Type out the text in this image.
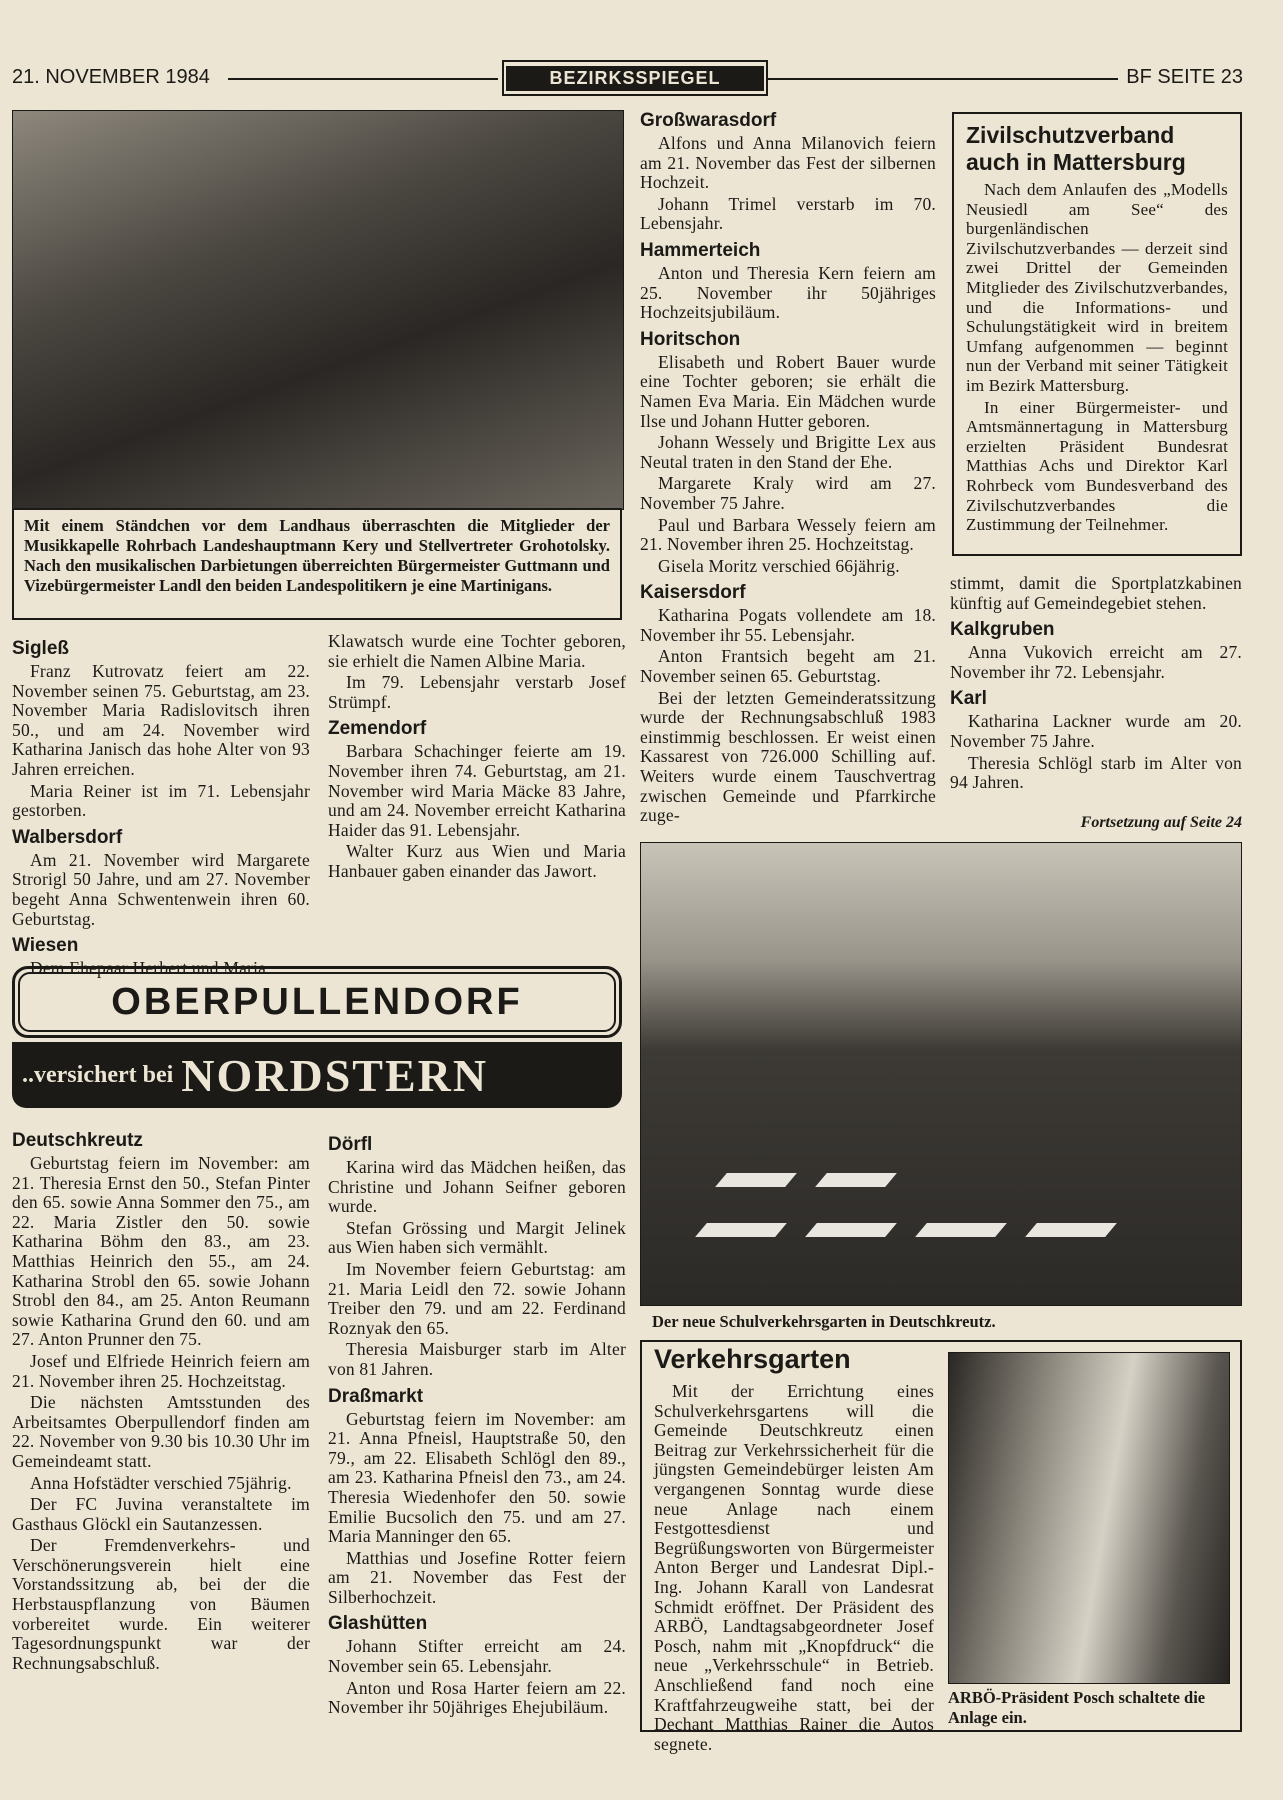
21. NOVEMBER 1984	BEZIRKSSPIEGEL	BF SEITE 23
Mit einem Ständchen vor dem Landhaus überraschten die Mitglieder der Musikkapelle Rohrbach Landeshauptmann Kery und Stellvertreter Grohotolsky. Nach den musikalischen Darbietungen überreichten Bürgermeister Guttmann und Vizebürgermeister Landl den beiden Landespolitikern je eine Martinigans.
Sigleß

Franz Kutrovatz feiert am 22. November seinen 75. Geburtstag, am 23. November Maria Radislovitsch ihren 50., und am 24. November wird Katharina Janisch das hohe Alter von 93 Jahren erreichen.

Maria Reiner ist im 71. Lebensjahr gestorben.

Walbersdorf

Am 21. November wird Margarete Strorigl 50 Jahre, und am 27. November begeht Anna Schwentenwein ihren 60. Geburtstag.

Wiesen

Dem Ehepaar Herbert und Maria

Klawatsch wurde eine Tochter geboren, sie erhielt die Namen Albine Maria.

Im 79. Lebensjahr verstarb Josef Strümpf.

Zemendorf

Barbara Schachinger feierte am 19. November ihren 74. Geburtstag, am 21. November wird Maria Mäcke 83 Jahre, und am 24. November erreicht Katharina Haider das 91. Lebensjahr.

Walter Kurz aus Wien und Maria Hanbauer gaben einander das Jawort.

Großwarasdorf

Alfons und Anna Milanovich feiern am 21. November das Fest der silbernen Hochzeit.

Johann Trimel verstarb im 70. Lebensjahr.

Hammerteich

Anton und Theresia Kern feiern am 25. November ihr 50jähriges Hochzeitsjubiläum.

Horitschon

Elisabeth und Robert Bauer wurde eine Tochter geboren; sie erhält die Namen Eva Maria. Ein Mädchen wurde Ilse und Johann Hutter geboren.

Johann Wessely und Brigitte Lex aus Neutal traten in den Stand der Ehe.

Margarete Kraly wird am 27. November 75 Jahre.

Paul und Barbara Wessely feiern am 21. November ihren 25. Hochzeitstag.

Gisela Moritz verschied 66jährig.

Kaisersdorf

Katharina Pogats vollendete am 18. November ihr 55. Lebensjahr.

Anton Frantsich begeht am 21. November seinen 65. Geburtstag.

Bei der letzten Gemeinderatssitzung wurde der Rechnungsabschluß 1983 einstimmig beschlossen. Er weist einen Kassarest von 726.000 Schilling auf. Weiters wurde einem Tauschvertrag zwischen Gemeinde und Pfarrkirche zuge-

Zivilschutzverband auch in Mattersburg

Nach dem Anlaufen des „Modells Neusiedl am See“ des burgenländischen Zivilschutzverbandes — derzeit sind zwei Drittel der Gemeinden Mitglieder des Zivilschutzverbandes, und die Informations- und Schulungstätigkeit wird in breitem Umfang aufgenommen — beginnt nun der Verband mit seiner Tätigkeit im Bezirk Mattersburg.

In einer Bürgermeister- und Amtsmännertagung in Mattersburg erzielten Präsident Bundesrat Matthias Achs und Direktor Karl Rohrbeck vom Bundesverband des Zivilschutzverbandes die Zustimmung der Teilnehmer.

stimmt, damit die Sportplatzkabinen künftig auf Gemeindegebiet stehen.

Kalkgruben

Anna Vukovich erreicht am 27. November ihr 72. Lebensjahr.

Karl

Katharina Lackner wurde am 20. November 75 Jahre.

Theresia Schlögl starb im Alter von 94 Jahren.

Fortsetzung auf Seite 24
OBERPULLENDORF
..versichert bei NORDSTERN
Deutschkreutz

Geburtstag feiern im November: am 21. Theresia Ernst den 50., Stefan Pinter den 65. sowie Anna Sommer den 75., am 22. Maria Zistler den 50. sowie Katharina Böhm den 83., am 23. Matthias Heinrich den 55., am 24. Katharina Strobl den 65. sowie Johann Strobl den 84., am 25. Anton Reumann sowie Katharina Grund den 60. und am 27. Anton Prunner den 75.

Josef und Elfriede Heinrich feiern am 21. November ihren 25. Hochzeitstag.

Die nächsten Amtsstunden des Arbeitsamtes Oberpullendorf finden am 22. November von 9.30 bis 10.30 Uhr im Gemeindeamt statt.

Anna Hofstädter verschied 75jährig.

Der FC Juvina veranstaltete im Gasthaus Glöckl ein Sautanzessen.

Der Fremdenverkehrs- und Verschönerungsverein hielt eine Vorstandssitzung ab, bei der die Herbstauspflanzung von Bäumen vorbereitet wurde. Ein weiterer Tagesordnungspunkt war der Rechnungsabschluß.

Dörfl

Karina wird das Mädchen heißen, das Christine und Johann Seifner geboren wurde.

Stefan Grössing und Margit Jelinek aus Wien haben sich vermählt.

Im November feiern Geburtstag: am 21. Maria Leidl den 72. sowie Johann Treiber den 79. und am 22. Ferdinand Roznyak den 65.

Theresia Maisburger starb im Alter von 81 Jahren.

Draßmarkt

Geburtstag feiern im November: am 21. Anna Pfneisl, Hauptstraße 50, den 79., am 22. Elisabeth Schlögl den 89., am 23. Katharina Pfneisl den 73., am 24. Theresia Wiedenhofer den 50. sowie Emilie Bucsolich den 75. und am 27. Maria Manninger den 65.

Matthias und Josefine Rotter feiern am 21. November das Fest der Silberhochzeit.

Glashütten

Johann Stifter erreicht am 24. November sein 65. Lebensjahr.

Anton und Rosa Harter feiern am 22. November ihr 50jähriges Ehejubiläum.

Der neue Schulverkehrsgarten in Deutschkreutz.
Verkehrsgarten

Mit der Errichtung eines Schulverkehrsgartens will die Gemeinde Deutschkreutz einen Beitrag zur Verkehrssicherheit für die jüngsten Gemeindebürger leisten Am vergangenen Sonntag wurde diese neue Anlage nach einem Festgottesdienst und Begrüßungsworten von Bürgermeister Anton Berger und Landesrat Dipl.-Ing. Johann Karall von Landesrat Schmidt eröffnet. Der Präsident des ARBÖ, Landtagsabgeordneter Josef Posch, nahm mit „Knopfdruck“ die neue „Verkehrsschule“ in Betrieb. Anschließend fand noch eine Kraftfahrzeugweihe statt, bei der Dechant Matthias Rainer die Autos segnete.

ARBÖ-Präsident Posch schaltete die Anlage ein.
